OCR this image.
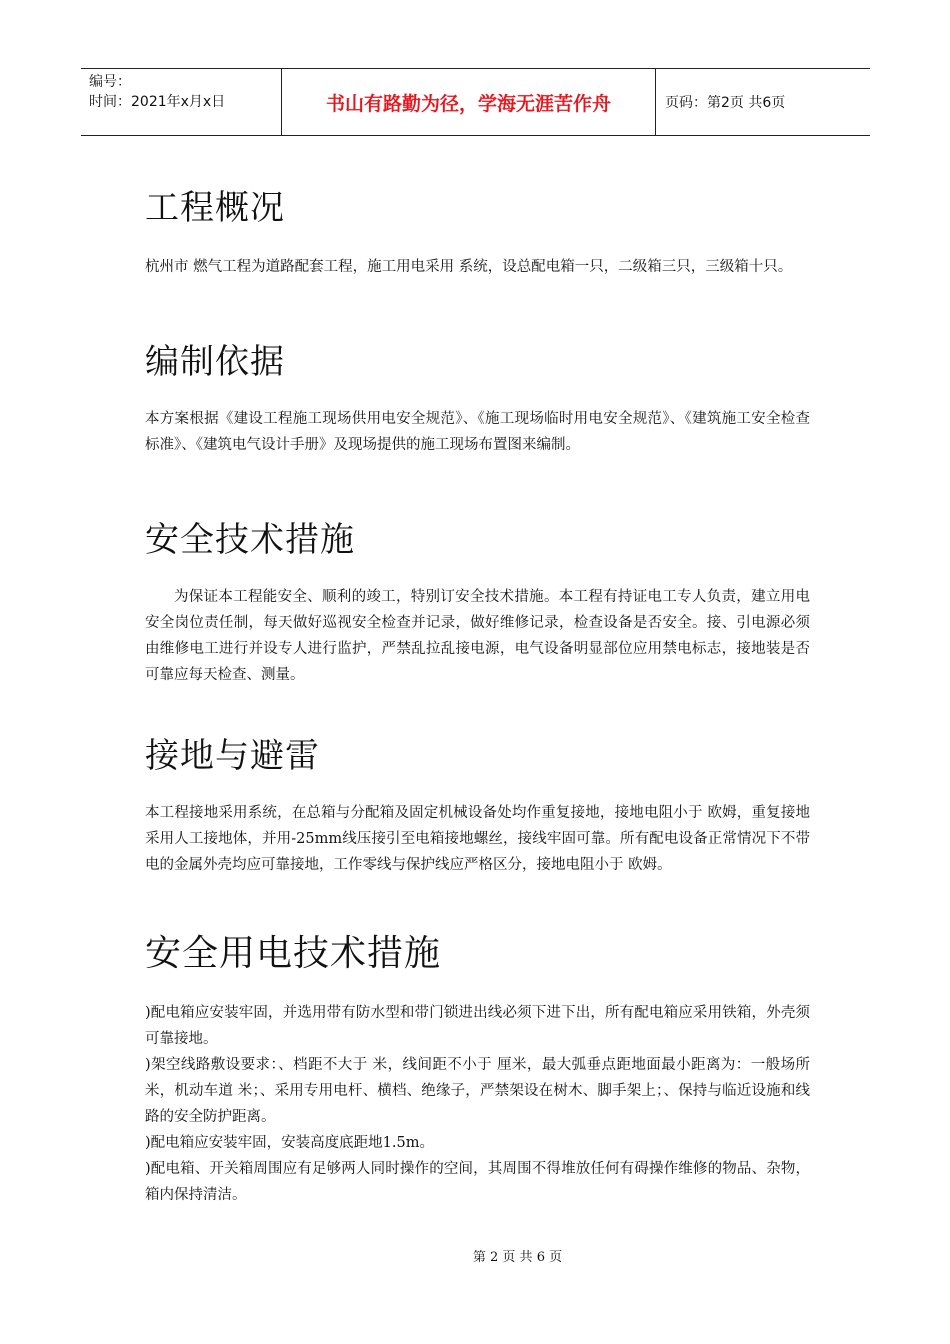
编号：
时间：2021年x月x日	书山有路勤为径，学海无涯苦作舟	页码：第2页 共6页
工程概况

杭州市 燃气工程为道路配套工程，施工用电采用 系统，设总配电箱一只，二级箱三只，三级箱十只。

编制依据

本方案根据《建设工程施工现场供用电安全规范》、《施工现场临时用电安全规范》、《建筑施工安全检查标准》、《建筑电气设计手册》及现场提供的施工现场布置图来编制。

安全技术措施

为保证本工程能安全、顺利的竣工，特别订安全技术措施。本工程有持证电工专人负责，建立用电安全岗位责任制，每天做好巡视安全检查并记录，做好维修记录，检查设备是否安全。接、引电源必须由维修电工进行并设专人进行监护，严禁乱拉乱接电源，电气设备明显部位应用禁电标志，接地装是否可靠应每天检查、测量。

接地与避雷

本工程接地采用系统，在总箱与分配箱及固定机械设备处均作重复接地，接地电阻小于 欧姆，重复接地采用人工接地体，并用-25mm线压接引至电箱接地螺丝，接线牢固可靠。所有配电设备正常情况下不带电的金属外壳均应可靠接地，工作零线与保护线应严格区分，接地电阻小于 欧姆。

安全用电技术措施

)配电箱应安装牢固，并选用带有防水型和带门锁进出线必须下进下出，所有配电箱应采用铁箱，外壳须可靠接地。

)架空线路敷设要求：、档距不大于 米，线间距不小于 厘米，最大弧垂点距地面最小距离为：一般场所 米，机动车道 米；、采用专用电杆、横档、绝缘子，严禁架设在树木、脚手架上；、保持与临近设施和线路的安全防护距离。

)配电箱应安装牢固，安装高度底距地1.5m。

)配电箱、开关箱周围应有足够两人同时操作的空间，其周围不得堆放任何有碍操作维修的物品、杂物，箱内保持清洁。

第 2 页 共 6 页
